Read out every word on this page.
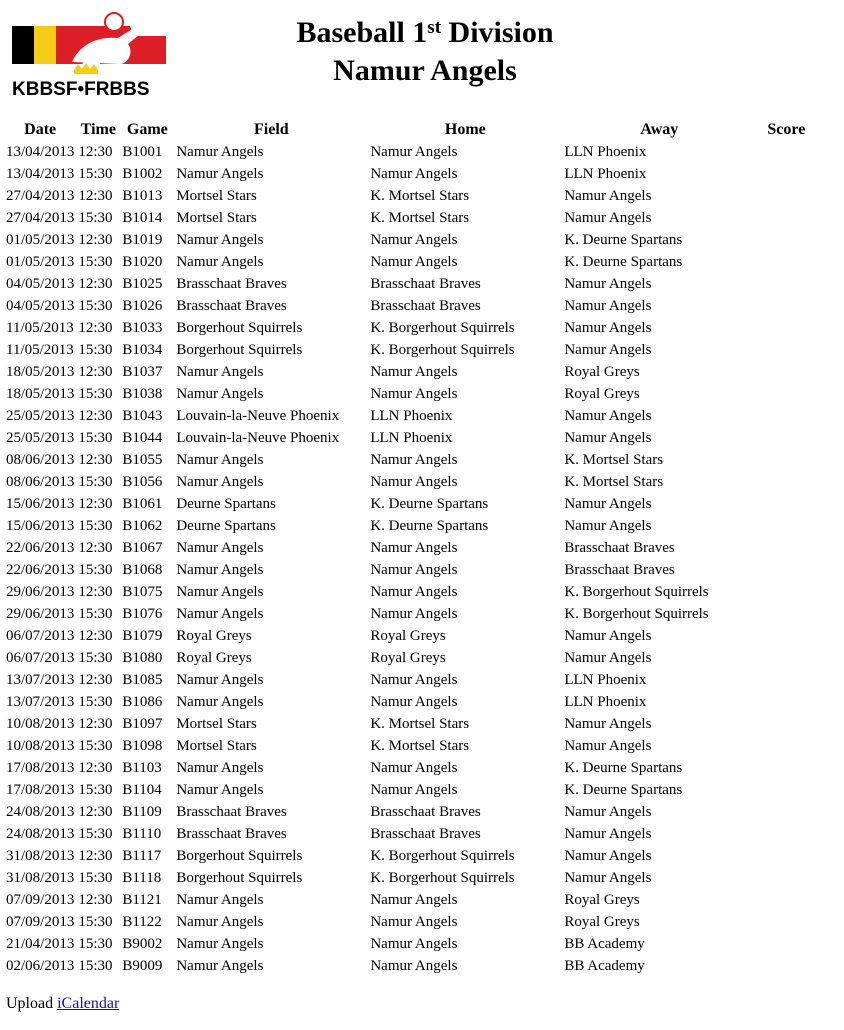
KBBSF•FRBBS
Baseball 1st Division
Namur Angels
Date	Time	Game	Field	Home	Away	Score
13/04/2013	12:30	B1001	Namur Angels	Namur Angels	LLN Phoenix	
13/04/2013	15:30	B1002	Namur Angels	Namur Angels	LLN Phoenix	
27/04/2013	12:30	B1013	Mortsel Stars	K. Mortsel Stars	Namur Angels	
27/04/2013	15:30	B1014	Mortsel Stars	K. Mortsel Stars	Namur Angels	
01/05/2013	12:30	B1019	Namur Angels	Namur Angels	K. Deurne Spartans	
01/05/2013	15:30	B1020	Namur Angels	Namur Angels	K. Deurne Spartans	
04/05/2013	12:30	B1025	Brasschaat Braves	Brasschaat Braves	Namur Angels	
04/05/2013	15:30	B1026	Brasschaat Braves	Brasschaat Braves	Namur Angels	
11/05/2013	12:30	B1033	Borgerhout Squirrels	K. Borgerhout Squirrels	Namur Angels	
11/05/2013	15:30	B1034	Borgerhout Squirrels	K. Borgerhout Squirrels	Namur Angels	
18/05/2013	12:30	B1037	Namur Angels	Namur Angels	Royal Greys	
18/05/2013	15:30	B1038	Namur Angels	Namur Angels	Royal Greys	
25/05/2013	12:30	B1043	Louvain-la-Neuve Phoenix	LLN Phoenix	Namur Angels	
25/05/2013	15:30	B1044	Louvain-la-Neuve Phoenix	LLN Phoenix	Namur Angels	
08/06/2013	12:30	B1055	Namur Angels	Namur Angels	K. Mortsel Stars	
08/06/2013	15:30	B1056	Namur Angels	Namur Angels	K. Mortsel Stars	
15/06/2013	12:30	B1061	Deurne Spartans	K. Deurne Spartans	Namur Angels	
15/06/2013	15:30	B1062	Deurne Spartans	K. Deurne Spartans	Namur Angels	
22/06/2013	12:30	B1067	Namur Angels	Namur Angels	Brasschaat Braves	
22/06/2013	15:30	B1068	Namur Angels	Namur Angels	Brasschaat Braves	
29/06/2013	12:30	B1075	Namur Angels	Namur Angels	K. Borgerhout Squirrels	
29/06/2013	15:30	B1076	Namur Angels	Namur Angels	K. Borgerhout Squirrels	
06/07/2013	12:30	B1079	Royal Greys	Royal Greys	Namur Angels	
06/07/2013	15:30	B1080	Royal Greys	Royal Greys	Namur Angels	
13/07/2013	12:30	B1085	Namur Angels	Namur Angels	LLN Phoenix	
13/07/2013	15:30	B1086	Namur Angels	Namur Angels	LLN Phoenix	
10/08/2013	12:30	B1097	Mortsel Stars	K. Mortsel Stars	Namur Angels	
10/08/2013	15:30	B1098	Mortsel Stars	K. Mortsel Stars	Namur Angels	
17/08/2013	12:30	B1103	Namur Angels	Namur Angels	K. Deurne Spartans	
17/08/2013	15:30	B1104	Namur Angels	Namur Angels	K. Deurne Spartans	
24/08/2013	12:30	B1109	Brasschaat Braves	Brasschaat Braves	Namur Angels	
24/08/2013	15:30	B1110	Brasschaat Braves	Brasschaat Braves	Namur Angels	
31/08/2013	12:30	B1117	Borgerhout Squirrels	K. Borgerhout Squirrels	Namur Angels	
31/08/2013	15:30	B1118	Borgerhout Squirrels	K. Borgerhout Squirrels	Namur Angels	
07/09/2013	12:30	B1121	Namur Angels	Namur Angels	Royal Greys	
07/09/2013	15:30	B1122	Namur Angels	Namur Angels	Royal Greys	
21/04/2013	15:30	B9002	Namur Angels	Namur Angels	BB Academy	
02/06/2013	15:30	B9009	Namur Angels	Namur Angels	BB Academy	
Upload iCalendar
